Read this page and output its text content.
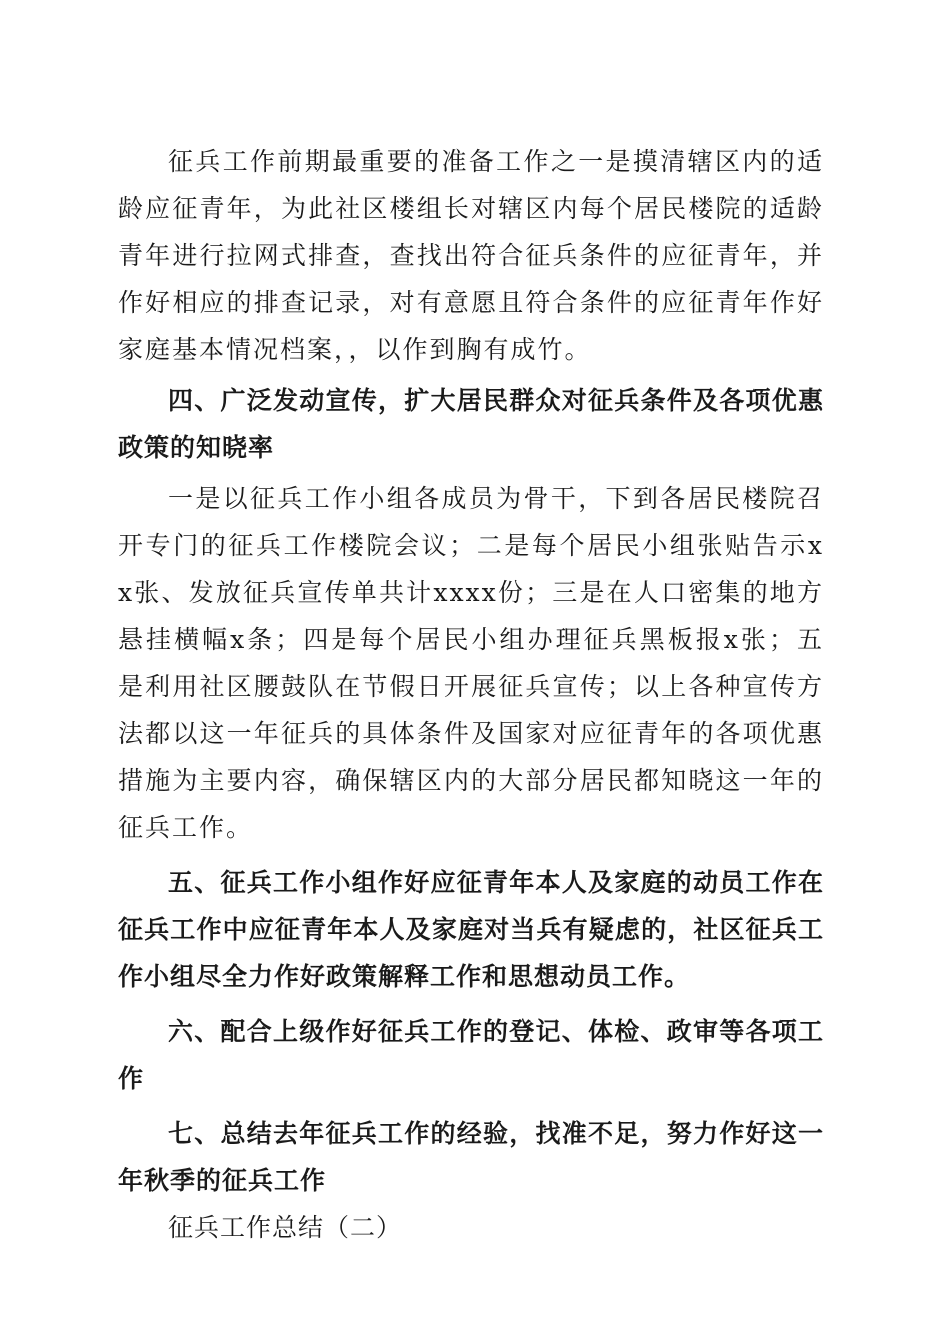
征兵工作前期最重要的准备工作之一是摸清辖区内的适龄应征青年，为此社区楼组长对辖区内每个居民楼院的适龄青年进行拉网式排查，查找出符合征兵条件的应征青年，并作好相应的排查记录，对有意愿且符合条件的应征青年作好家庭基本情况档案，，以作到胸有成竹。

四、广泛发动宣传，扩大居民群众对征兵条件及各项优惠政策的知晓率

一是以征兵工作小组各成员为骨干，下到各居民楼院召开专门的征兵工作楼院会议；二是每个居民小组张贴告示xx张、发放征兵宣传单共计xxxx份；三是在人口密集的地方悬挂横幅x条；四是每个居民小组办理征兵黑板报x张；五是利用社区腰鼓队在节假日开展征兵宣传；以上各种宣传方法都以这一年征兵的具体条件及国家对应征青年的各项优惠措施为主要内容，确保辖区内的大部分居民都知晓这一年的征兵工作。

五、征兵工作小组作好应征青年本人及家庭的动员工作在征兵工作中应征青年本人及家庭对当兵有疑虑的，社区征兵工作小组尽全力作好政策解释工作和思想动员工作。

六、配合上级作好征兵工作的登记、体检、政审等各项工作

七、总结去年征兵工作的经验，找准不足，努力作好这一年秋季的征兵工作

征兵工作总结（二）
